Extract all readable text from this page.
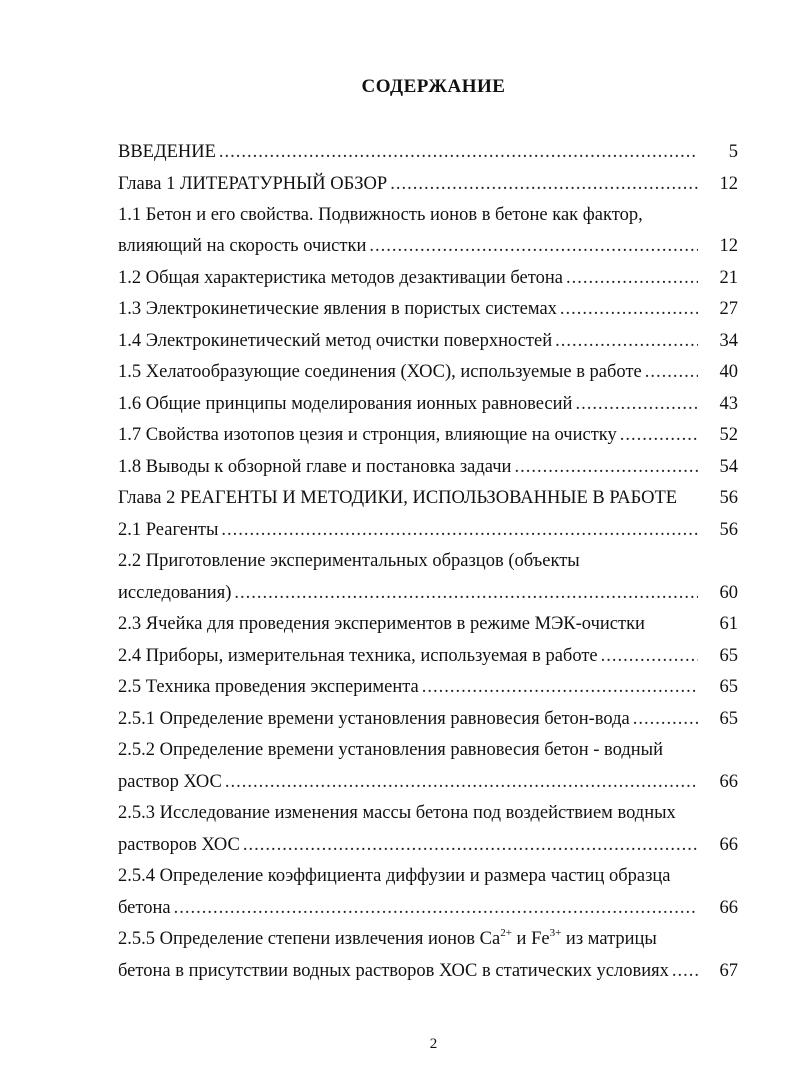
СОДЕРЖАНИЕ
ВВЕДЕНИЕ .....	5
Глава 1 ЛИТЕРАТУРНЫЙ ОБЗОР .....	12
1.1 Бетон и его свойства. Подвижность ионов в бетоне как фактор,
влияющий на скорость очистки .....	12
1.2 Общая характеристика методов дезактивации бетона .....	21
1.3 Электрокинетические явления в пористых системах .....	27
1.4 Электрокинетический метод очистки поверхностей .....	34
1.5 Хелатообразующие соединения (ХОС), используемые в работе .....	40
1.6 Общие принципы моделирования ионных равновесий .....	43
1.7 Свойства изотопов цезия и стронция, влияющие на очистку .....	52
1.8 Выводы к обзорной главе и постановка задачи .....	54
Глава 2 РЕАГЕНТЫ И МЕТОДИКИ, ИСПОЛЬЗОВАННЫЕ В РАБОТЕ	56
2.1 Реагенты .....	56
2.2 Приготовление экспериментальных образцов (объекты
исследования) .....	60
2.3 Ячейка для проведения экспериментов в режиме МЭК-очистки	61
2.4 Приборы, измерительная техника, используемая в работе .....	65
2.5 Техника проведения эксперимента .....	65
2.5.1 Определение времени установления равновесия бетон-вода .....	65
2.5.2 Определение времени установления равновесия бетон - водный
раствор ХОС .....	66
2.5.3 Исследование изменения массы бетона под воздействием водных
растворов ХОС .....	66
2.5.4 Определение коэффициента диффузии и размера частиц образца
бетона .....	66
2.5.5 Определение степени извлечения ионов $Ca^{2+}$ и $Fe^{3+}$ из матрицы
бетона в присутствии водных растворов ХОС в статических условиях .....	67
2
